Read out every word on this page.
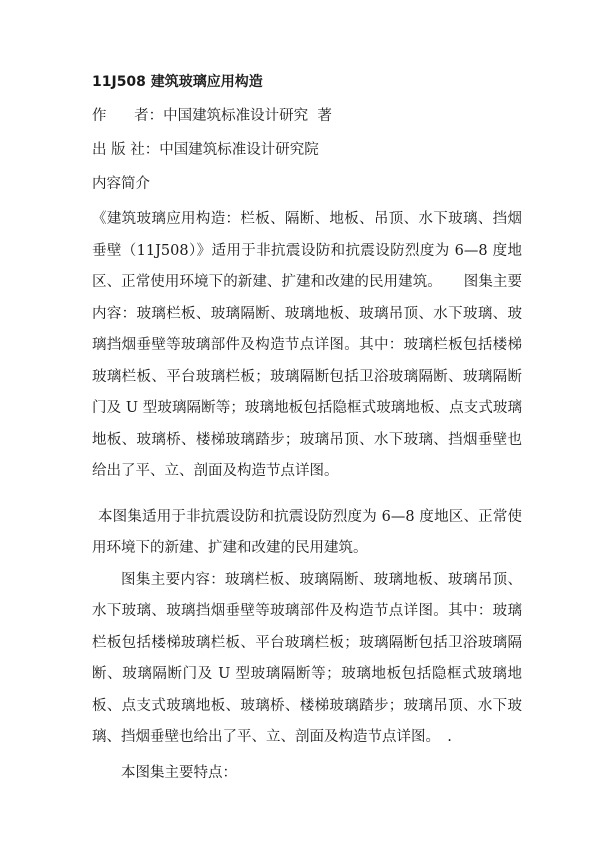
11J508 建筑玻璃应用构造
作      者：中国建筑标准设计研究  著
出 版 社：中国建筑标准设计研究院
内容简介

《建筑玻璃应用构造：栏板、隔断、地板、吊顶、水下玻璃、挡烟垂壁（11J508）》适用于非抗震设防和抗震设防烈度为 6—8 度地区、正常使用环境下的新建、扩建和改建的民用建筑。　　图集主要内容：玻璃栏板、玻璃隔断、玻璃地板、玻璃吊顶、水下玻璃、玻璃挡烟垂壁等玻璃部件及构造节点详图。其中：玻璃栏板包括楼梯玻璃栏板、平台玻璃栏板；玻璃隔断包括卫浴玻璃隔断、玻璃隔断门及 U 型玻璃隔断等；玻璃地板包括隐框式玻璃地板、点支式玻璃地板、玻璃桥、楼梯玻璃踏步；玻璃吊顶、水下玻璃、挡烟垂壁也给出了平、立、剖面及构造节点详图。

本图集适用于非抗震设防和抗震设防烈度为 6—8 度地区、正常使用环境下的新建、扩建和改建的民用建筑。

图集主要内容：玻璃栏板、玻璃隔断、玻璃地板、玻璃吊顶、水下玻璃、玻璃挡烟垂壁等玻璃部件及构造节点详图。其中：玻璃栏板包括楼梯玻璃栏板、平台玻璃栏板；玻璃隔断包括卫浴玻璃隔断、玻璃隔断门及 U 型玻璃隔断等；玻璃地板包括隐框式玻璃地板、点支式玻璃地板、玻璃桥、楼梯玻璃踏步；玻璃吊顶、水下玻璃、挡烟垂壁也给出了平、立、剖面及构造节点详图。　.

本图集主要特点：
